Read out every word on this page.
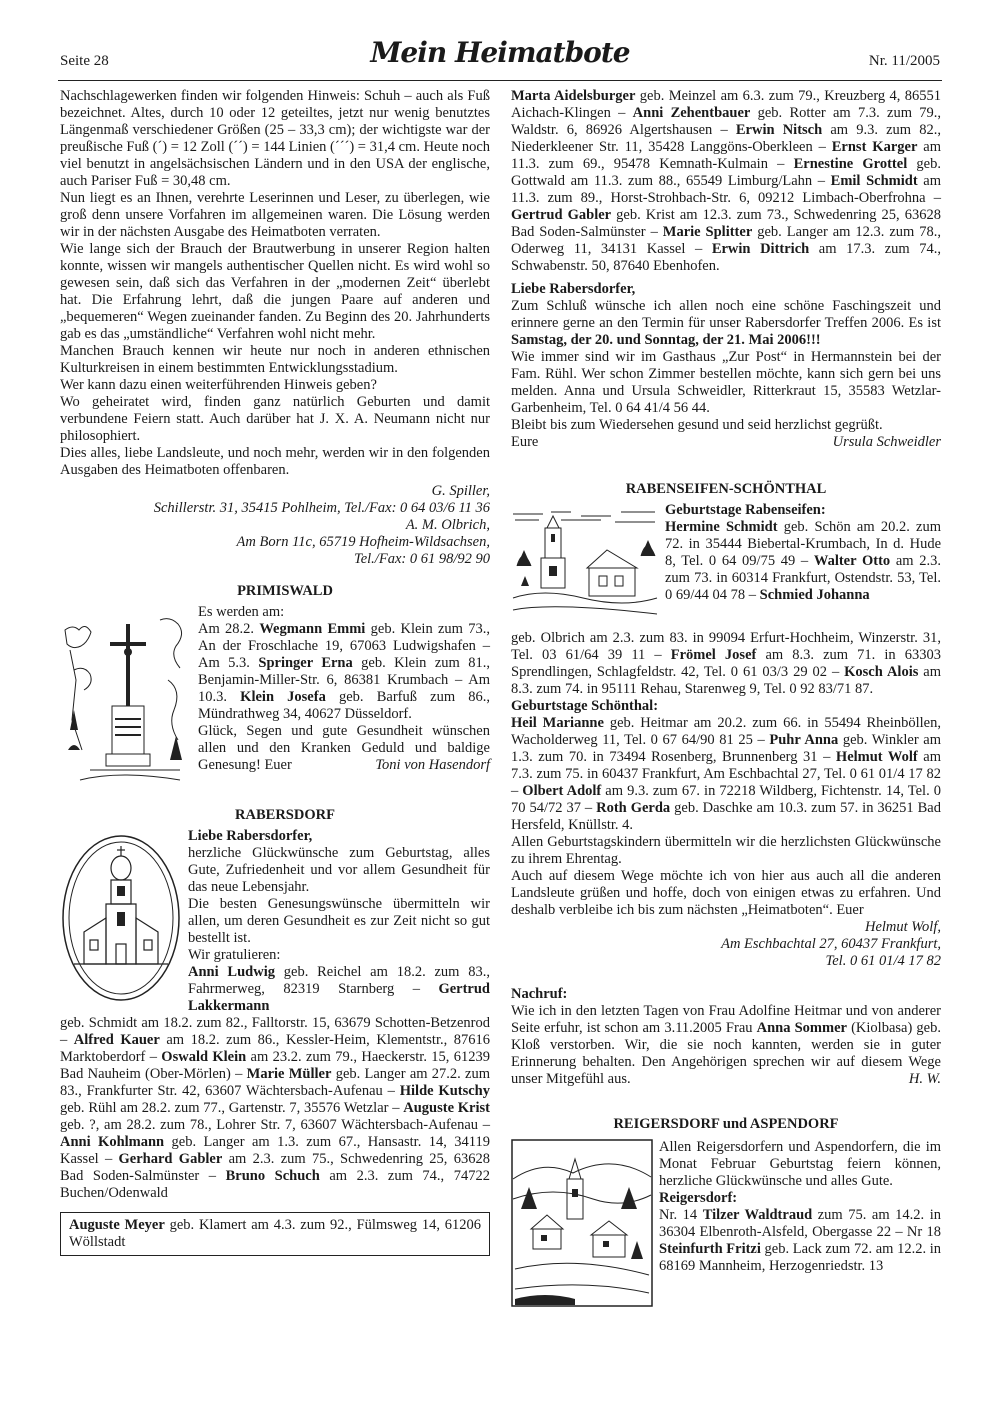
Seite 28	Mein Heimatbote	Nr. 11/2005

Nachschlagewerken finden wir folgenden Hinweis: Schuh – auch als Fuß bezeichnet. Altes, durch 10 oder 12 geteiltes, jetzt nur wenig benutztes Längenmaß verschiedener Größen (25 – 33,3 cm); der wichtigste war der preußische Fuß (´) = 12 Zoll (´´) = 144 Linien (´´´) = 31,4 cm. Heute noch viel benutzt in angelsächsischen Ländern und in den USA der englische, auch Pariser Fuß = 30,48 cm.

Nun liegt es an Ihnen, verehrte Leserinnen und Leser, zu überlegen, wie groß denn unsere Vorfahren im allgemeinen waren. Die Lösung werden wir in der nächsten Ausgabe des Heimatboten verraten.

Wie lange sich der Brauch der Brautwerbung in unserer Region halten konnte, wissen wir mangels authentischer Quellen nicht. Es wird wohl so gewesen sein, daß sich das Verfahren in der „modernen Zeit“ überlebt hat. Die Erfahrung lehrt, daß die jungen Paare auf anderen und „bequemeren“ Wegen zueinander fanden. Zu Beginn des 20. Jahrhunderts gab es das „umständliche“ Verfahren wohl nicht mehr.

Manchen Brauch kennen wir heute nur noch in anderen ethnischen Kulturkreisen in einem bestimmten Entwicklungsstadium.

Wer kann dazu einen weiterführenden Hinweis geben?

Wo geheiratet wird, finden ganz natürlich Geburten und damit verbundene Feiern statt. Auch darüber hat J. X. A. Neumann nicht nur philosophiert.

Dies alles, liebe Landsleute, und noch mehr, werden wir in den folgenden Ausgaben des Heimatboten offenbaren.

G. Spiller,

Schillerstr. 31, 35415 Pohlheim, Tel./Fax: 0 64 03/6 11 36

A. M. Olbrich,

Am Born 11c, 65719 Hofheim-Wildsachsen,

Tel./Fax: 0 61 98/92 90

PRIMISWALD

Es werden am:

Am 28.2. Wegmann Emmi geb. Klein zum 73., An der Froschlache 19, 67063 Ludwigshafen – Am 5.3. Springer Erna geb. Klein zum 81., Benjamin-Miller-Str. 6, 86381 Krumbach – Am 10.3. Klein Josefa geb. Barfuß zum 86., Mündrathweg 34, 40627 Düsseldorf.

Glück, Segen und gute Gesundheit wünschen allen und den Kranken Geduld und baldige Genesung! Euer	Toni von Hasendorf

RABERSDORF

Liebe Rabersdorfer,

herzliche Glückwünsche zum Geburtstag, alles Gute, Zufriedenheit und vor allem Gesundheit für das neue Lebensjahr.

Die besten Genesungswünsche übermitteln wir allen, um deren Gesundheit es zur Zeit nicht so gut bestellt ist.

Wir gratulieren:

Anni Ludwig geb. Reichel am 18.2. zum 83., Fahrmerweg, 82319 Starnberg – Gertrud Lakkermann

geb. Schmidt am 18.2. zum 82., Falltorstr. 15, 63679 Schotten-Betzenrod – Alfred Kauer am 18.2. zum 86., Kessler-Heim, Klementstr., 87616 Marktoberdorf – Oswald Klein am 23.2. zum 79., Haeckerstr. 15, 61239 Bad Nauheim (Ober-Mörlen) – Marie Müller geb. Langer am 27.2. zum 83., Frankfurter Str. 42, 63607 Wächtersbach-Aufenau – Hilde Kutschy geb. Rühl am 28.2. zum 77., Gartenstr. 7, 35576 Wetzlar – Auguste Krist geb. ?, am 28.2. zum 78., Lohrer Str. 7, 63607 Wächtersbach-Aufenau – Anni Kohlmann geb. Langer am 1.3. zum 67., Hansastr. 14, 34119 Kassel – Gerhard Gabler am 2.3. zum 75., Schwedenring 25, 63628 Bad Soden-Salmünster – Bruno Schuch am 2.3. zum 74., 74722 Buchen/Odenwald

Auguste Meyer geb. Klamert am 4.3. zum 92., Fülmsweg 14, 61206 Wöllstadt

Marta Aidelsburger geb. Meinzel am 6.3. zum 79., Kreuzberg 4, 86551 Aichach-Klingen – Anni Zehentbauer geb. Rotter am 7.3. zum 79., Waldstr. 6, 86926 Algertshausen – Erwin Nitsch am 9.3. zum 82., Niederkleener Str. 11, 35428 Langgöns-Oberkleen – Ernst Karger am 11.3. zum 69., 95478 Kemnath-Kulmain – Ernestine Grottel geb. Gottwald am 11.3. zum 88., 65549 Limburg/Lahn – Emil Schmidt am 11.3. zum 89., Horst-Strohbach-Str. 6, 09212 Limbach-Oberfrohna – Gertrud Gabler geb. Krist am 12.3. zum 73., Schwedenring 25, 63628 Bad Soden-Salmünster – Marie Splitter geb. Langer am 12.3. zum 78., Oderweg 11, 34131 Kassel – Erwin Dittrich am 17.3. zum 74., Schwabenstr. 50, 87640 Ebenhofen.

Liebe Rabersdorfer,

Zum Schluß wünsche ich allen noch eine schöne Faschingszeit und erinnere gerne an den Termin für unser Rabersdorfer Treffen 2006. Es ist Samstag, der 20. und Sonntag, der 21. Mai 2006!!!

Wie immer sind wir im Gasthaus „Zur Post“ in Hermannstein bei der Fam. Rühl. Wer schon Zimmer bestellen möchte, kann sich gern bei uns melden. Anna und Ursula Schweidler, Ritterkraut 15, 35583 Wetzlar-Garbenheim, Tel. 0 64 41/4 56 44.

Bleibt bis zum Wiedersehen gesund und seid herzlichst gegrüßt.

Eure	Ursula Schweidler

RABENSEIFEN-SCHÖNTHAL

Geburtstage Rabenseifen:

Hermine Schmidt geb. Schön am 20.2. zum 72. in 35444 Biebertal-Krumbach, In d. Hude 8, Tel. 0 64 09/75 49 – Walter Otto am 2.3. zum 73. in 60314 Frankfurt, Ostendstr. 53, Tel. 0 69/44 04 78 – Schmied Johanna

geb. Olbrich am 2.3. zum 83. in 99094 Erfurt-Hochheim, Winzerstr. 31, Tel. 03 61/64 39 11 – Frömel Josef am 8.3. zum 71. in 63303 Sprendlingen, Schlagfeldstr. 42, Tel. 0 61 03/3 29 02 – Kosch Alois am 8.3. zum 74. in 95111 Rehau, Starenweg 9, Tel. 0 92 83/71 87.

Geburtstage Schönthal:

Heil Marianne geb. Heitmar am 20.2. zum 66. in 55494 Rheinböllen, Wacholderweg 11, Tel. 0 67 64/90 81 25 – Puhr Anna geb. Winkler am 1.3. zum 70. in 73494 Rosenberg, Brunnenberg 31 – Helmut Wolf am 7.3. zum 75. in 60437 Frankfurt, Am Eschbachtal 27, Tel. 0 61 01/4 17 82 – Olbert Adolf am 9.3. zum 67. in 72218 Wildberg, Fichtenstr. 14, Tel. 0 70 54/72 37 – Roth Gerda geb. Daschke am 10.3. zum 57. in 36251 Bad Hersfeld, Knüllstr. 4.

Allen Geburtstagskindern übermitteln wir die herzlichsten Glückwünsche zu ihrem Ehrentag.

Auch auf diesem Wege möchte ich von hier aus auch all die anderen Landsleute grüßen und hoffe, doch von einigen etwas zu erfahren. Und deshalb verbleibe ich bis zum nächsten „Heimatboten“. Euer

Helmut Wolf,

Am Eschbachtal 27, 60437 Frankfurt,

Tel. 0 61 01/4 17 82

Nachruf:

Wie ich in den letzten Tagen von Frau Adolfine Heitmar und von anderer Seite erfuhr, ist schon am 3.11.2005 Frau Anna Sommer (Kiolbasa) geb. Kloß verstorben. Wir, die sie noch kannten, werden sie in guter Erinnerung behalten. Den Angehörigen sprechen wir auf diesem Wege unser Mitgefühl aus.	H. W.

REIGERSDORF und ASPENDORF

Allen Reigersdorfern und Aspendorfern, die im Monat Februar Geburtstag feiern können, herzliche Glückwünsche und alles Gute.

Reigersdorf:

Nr. 14 Tilzer Waldtraud zum 75. am 14.2. in 36304 Elbenroth-Alsfeld, Obergasse 22 – Nr 18 Steinfurth Fritzi geb. Lack zum 72. am 12.2. in 68169 Mannheim, Herzogenriedstr. 13
